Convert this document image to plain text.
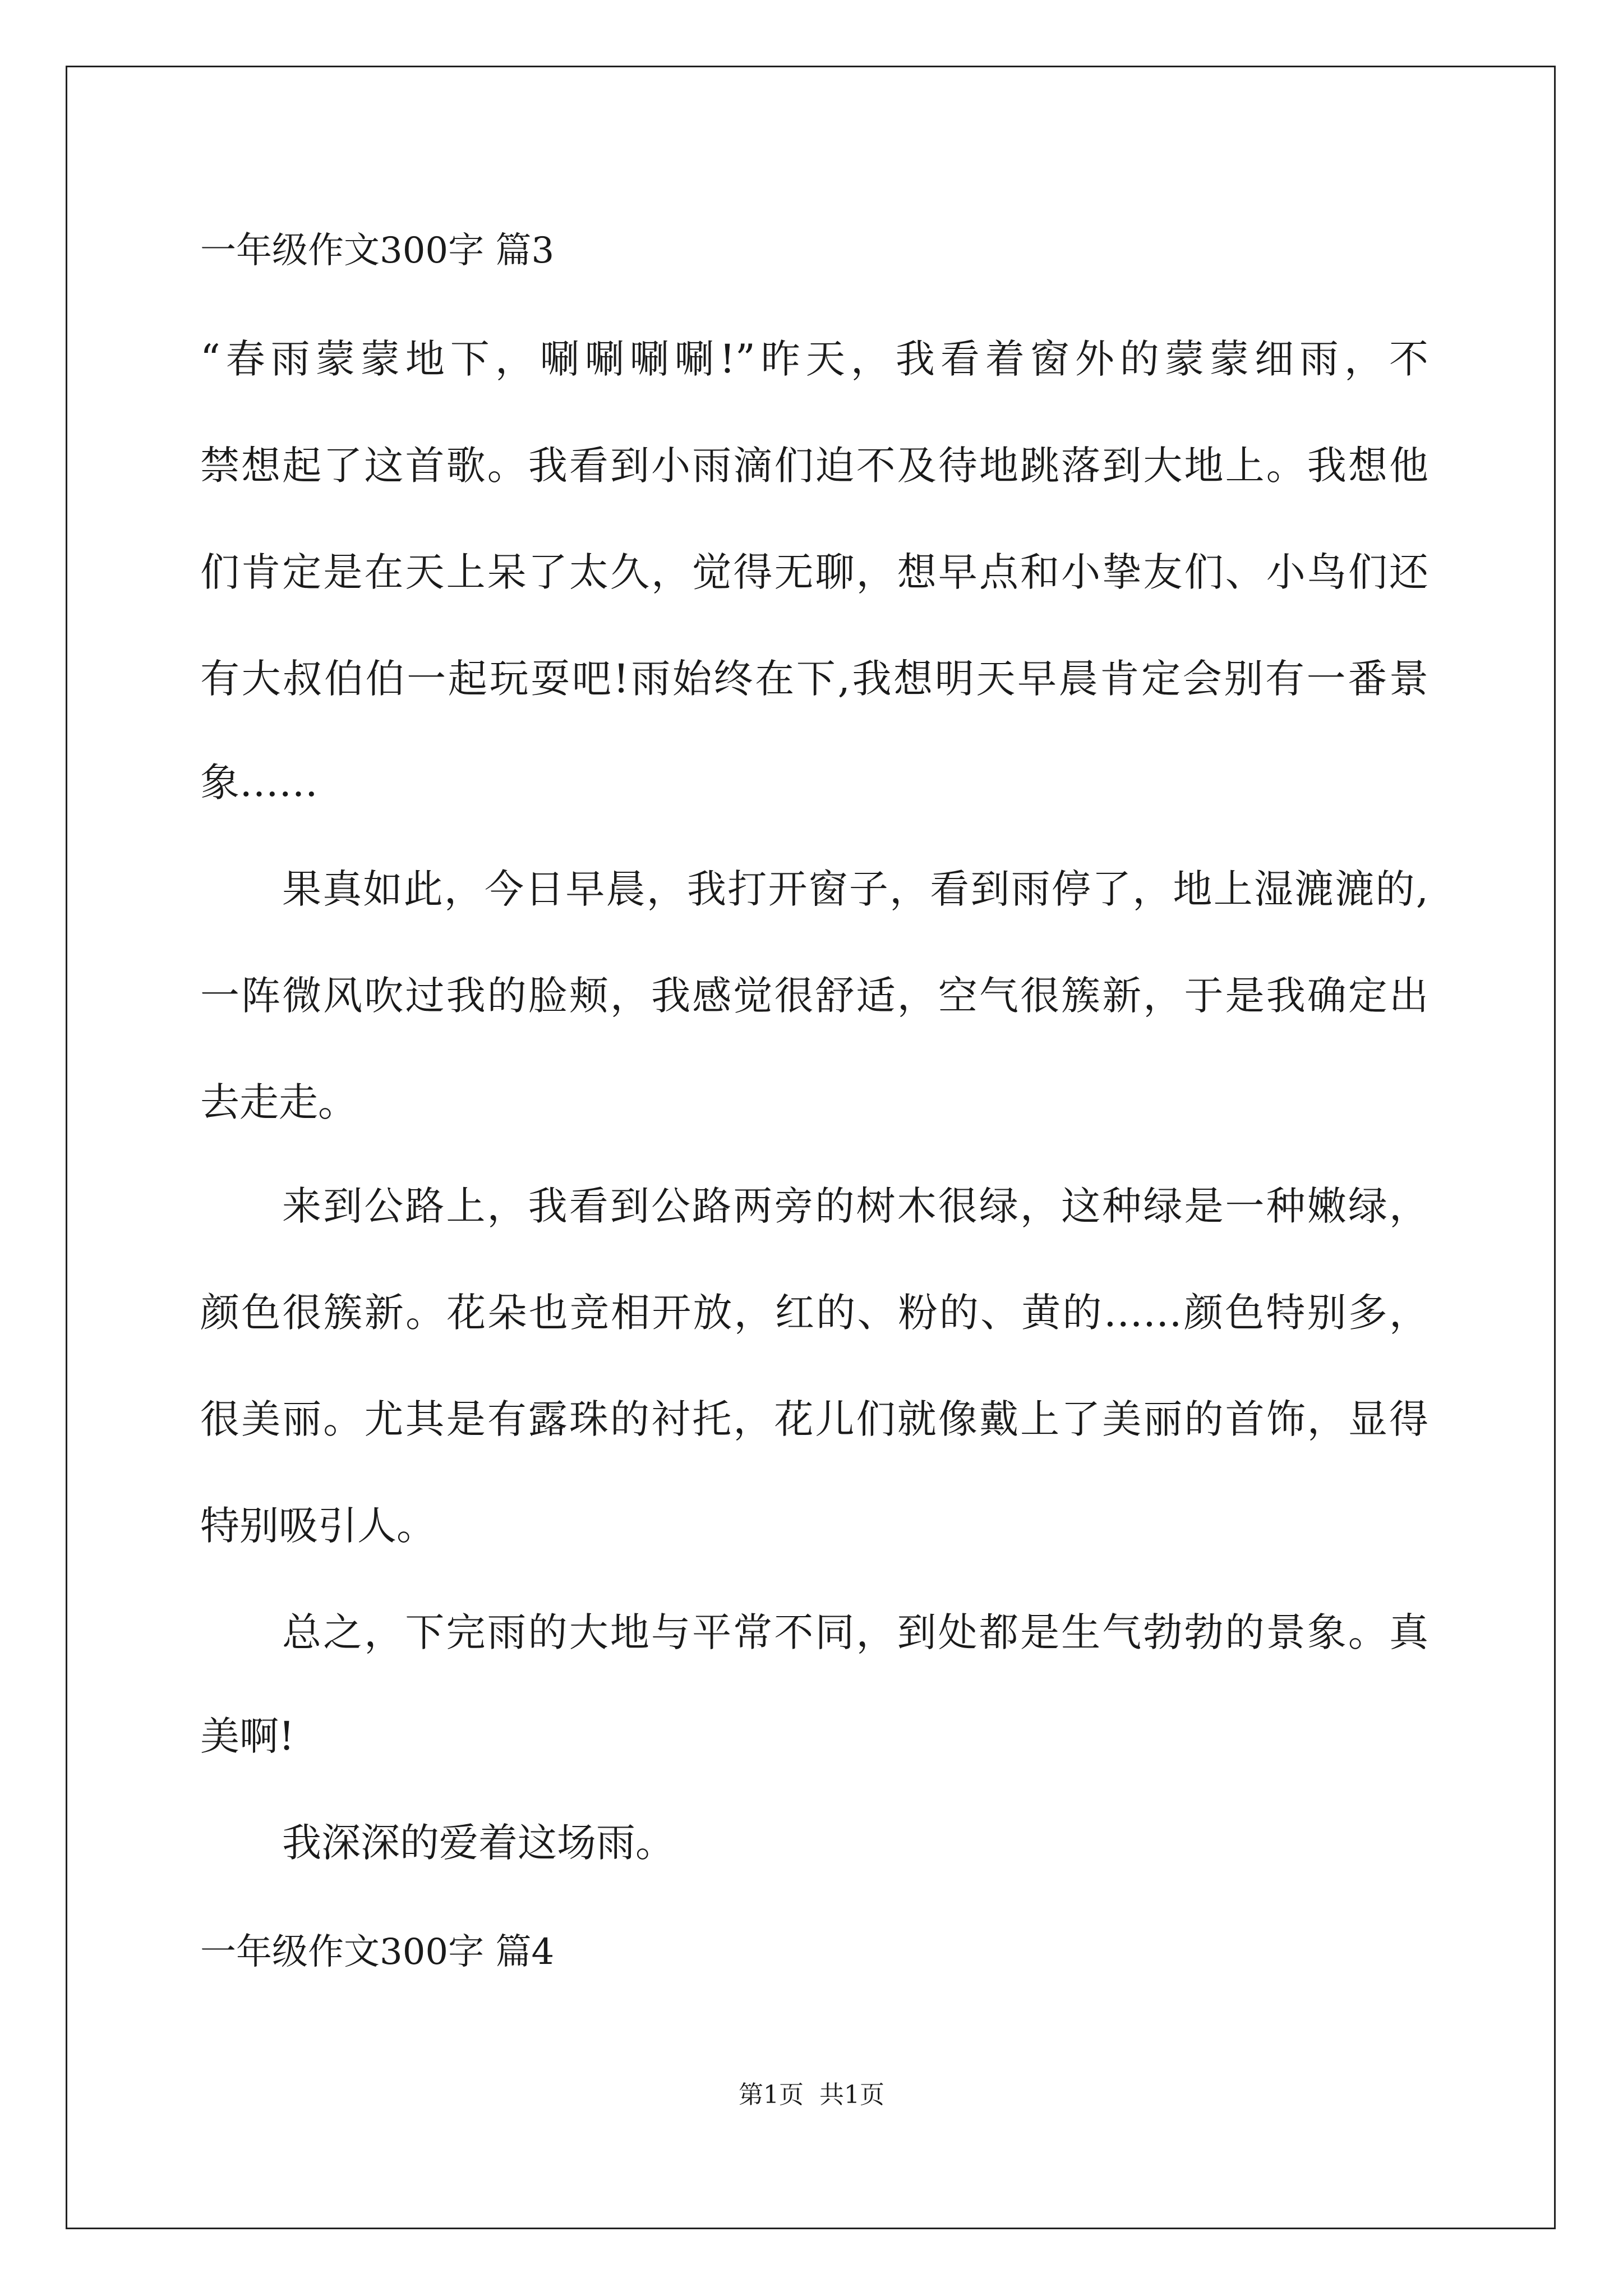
一年级作文300字 篇3
“春雨蒙蒙地下，唰唰唰唰!”昨天，我看着窗外的蒙蒙细雨，不
禁想起了这首歌。我看到小雨滴们迫不及待地跳落到大地上。我想他
们肯定是在天上呆了太久，觉得无聊，想早点和小挚友们、小鸟们还
有大叔伯伯一起玩耍吧!雨始终在下,我想明天早晨肯定会别有一番景
象……
果真如此，今日早晨，我打开窗子，看到雨停了，地上湿漉漉的,
一阵微风吹过我的脸颊，我感觉很舒适，空气很簇新，于是我确定出
去走走。
来到公路上，我看到公路两旁的树木很绿，这种绿是一种嫩绿，
颜色很簇新。花朵也竞相开放，红的、粉的、黄的……颜色特别多，
很美丽。尤其是有露珠的衬托，花儿们就像戴上了美丽的首饰，显得
特别吸引人。
总之，下完雨的大地与平常不同，到处都是生气勃勃的景象。真
美啊!
我深深的爱着这场雨。
一年级作文300字 篇4
第1页  共1页
